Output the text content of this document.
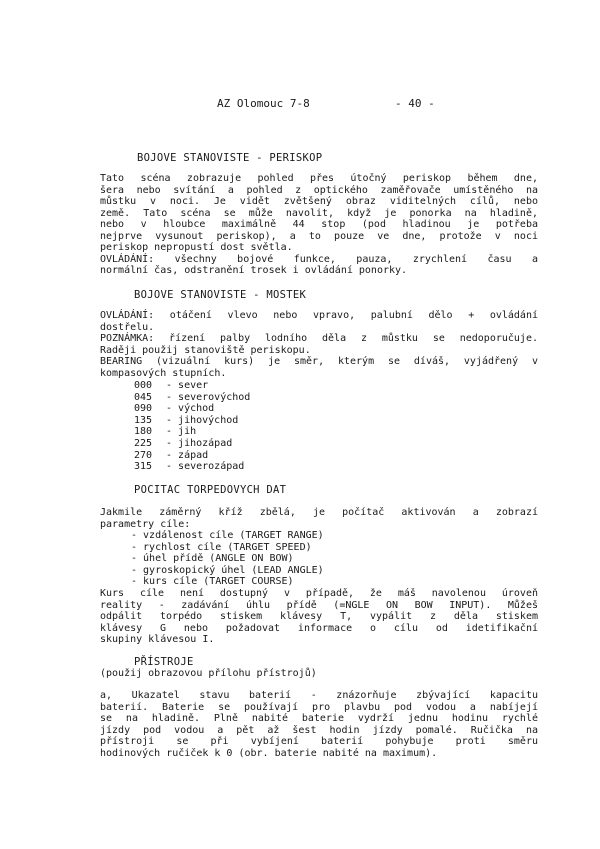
AZ Olomouc 7-8	- 40 -
BOJOVE STANOVISTE - PERISKOP
Tato scéna zobrazuje pohled přes útočný periskop během dne,
šera nebo svítání a pohled z optického zaměřovače umístěného na
můstku v noci. Je vidět zvětšený obraz viditelných cílů, nebo
země. Tato scéna se může navolit, když je ponorka na hladině,
nebo v hloubce maximálně 44 stop (pod hladinou je potřeba
nejprve vysunout periskop), a to pouze ve dne, protože v noci
periskop nepropustí dost světla.
OVLÁDÁNÍ: všechny bojové funkce, pauza, zrychlení času a
normální čas, odstranění trosek i ovládání ponorky.
BOJOVE STANOVISTE - MOSTEK
OVLÁDÁNÍ: otáčení vlevo nebo vpravo, palubní dělo + ovládání
dostřelu.
POZNÁMKA: řízení palby lodního děla z můstku se nedoporučuje.
Raději použij stanoviště periskopu.
BEARING (vizuální kurs) je směr, kterým se díváš, vyjádřený v
kompasových stupních.
000 - sever
045 - severovýchod
090 - východ
135 - jihovýchod
180 - jih
225 - jihozápad
270 - západ
315 - severozápad
POCITAC TORPEDOVYCH DAT
Jakmile záměrný kříž zbělá, je počítač aktivován a zobrazí
parametry cíle:
- vzdálenost cíle (TARGET RANGE)
- rychlost cíle (TARGET SPEED)
- úhel přídě (ANGLE ON BOW)
- gyroskopický úhel (LEAD ANGLE)
- kurs cíle (TARGET COURSE)
Kurs cíle není dostupný v případě, že máš navolenou úroveň
reality - zadávání úhlu přídě (=NGLE ON BOW INPUT). Můžeš
odpálit torpédo stiskem klávesy T, vypálit z děla stiskem
klávesy G nebo požadovat informace o cílu od idetifikační
skupiny klávesou I.
PŘÍSTROJE
(použij obrazovou přílohu přístrojů)
a, Ukazatel stavu baterií - znázorňuje zbývající kapacitu
baterií. Baterie se používají pro plavbu pod vodou a nabíjejí
se na hladině. Plně nabité baterie vydrží jednu hodinu rychlé
jízdy pod vodou a pět až šest hodin jízdy pomalé. Ručička na
přístroji se při vybíjení baterií pohybuje proti směru
hodinových ručiček k 0 (obr. baterie nabité na maximum).
